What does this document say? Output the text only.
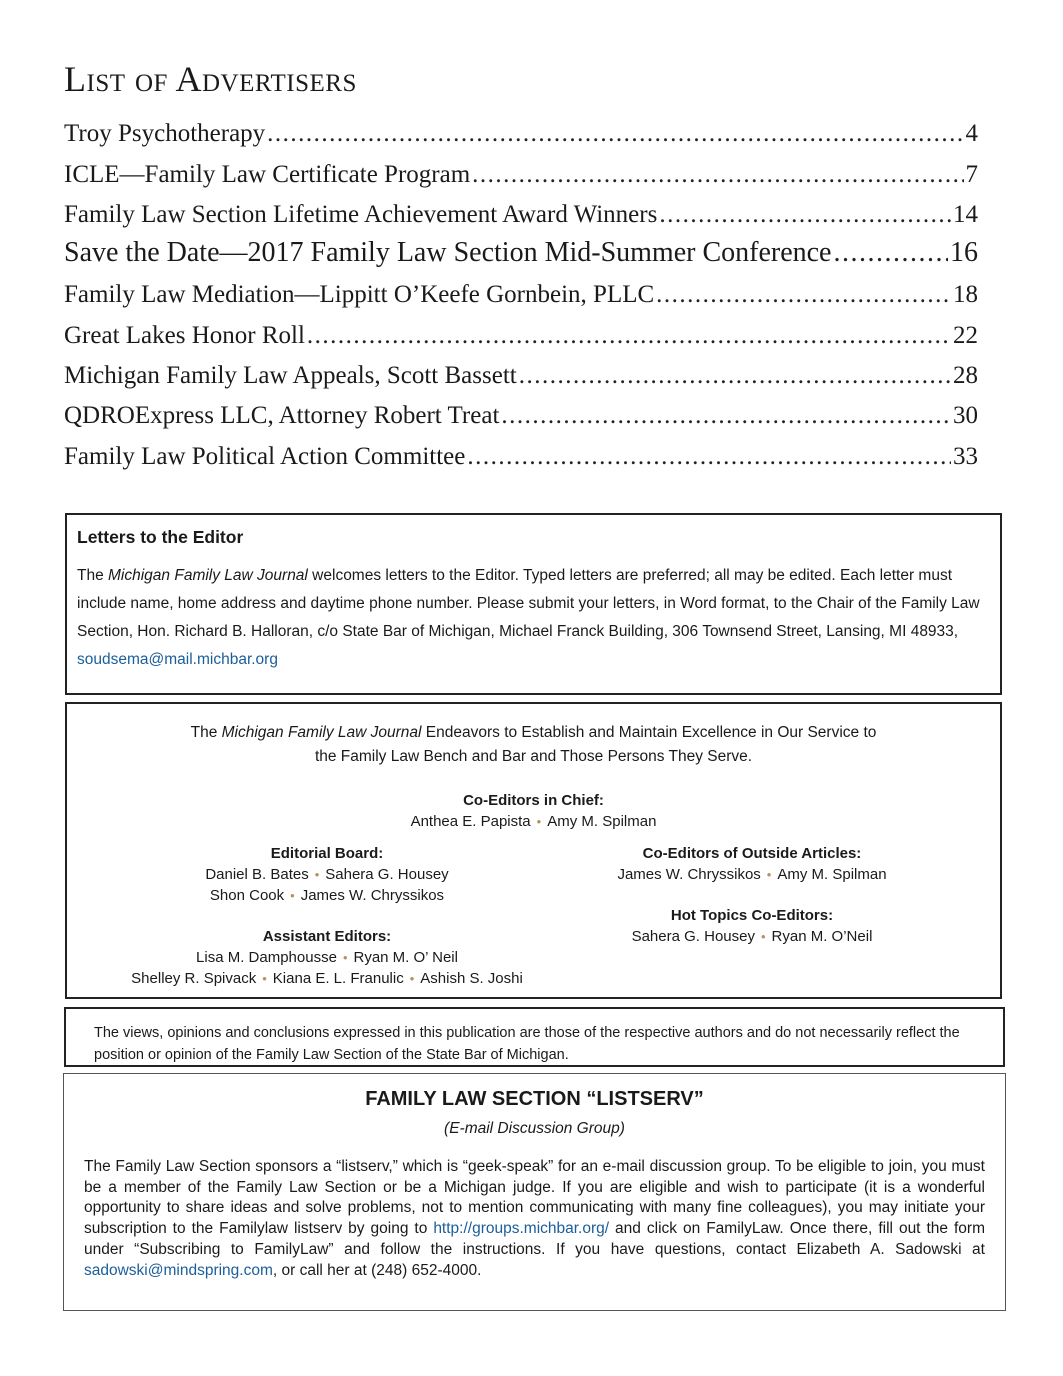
List of Advertisers
Troy Psychotherapy .....	4
ICLE—Family Law Certificate Program .....	7
Family Law Section Lifetime Achievement Award Winners .....	14
Save the Date—2017 Family Law Section Mid-Summer Conference .....	16
Family Law Mediation—Lippitt O’Keefe Gornbein, PLLC .....	18
Great Lakes Honor Roll .....	22
Michigan Family Law Appeals, Scott Bassett .....	28
QDROExpress LLC, Attorney Robert Treat .....	30
Family Law Political Action Committee .....	33
Letters to the Editor

The Michigan Family Law Journal welcomes letters to the Editor. Typed letters are preferred; all may be edited. Each letter must include name, home address and daytime phone number. Please submit your letters, in Word format, to the Chair of the Family Law Section, Hon. Richard B. Halloran, c/o State Bar of Michigan, Michael Franck Building, 306 Townsend Street, Lansing, MI 48933, soudsema@mail.michbar.org

The Michigan Family Law Journal Endeavors to Establish and Maintain Excellence in Our Service to
the Family Law Bench and Bar and Those Persons They Serve.
Co-Editors in Chief:
Anthea E. Papista • Amy M. Spilman
Editorial Board:
Daniel B. Bates • Sahera G. Housey
Shon Cook • James W. Chryssikos
Assistant Editors:
Lisa M. Damphousse • Ryan M. O’ Neil
Shelley R. Spivack • Kiana E. L. Franulic • Ashish S. Joshi
Co-Editors of Outside Articles:
James W. Chryssikos • Amy M. Spilman
Hot Topics Co-Editors:
Sahera G. Housey • Ryan M. O’Neil
The views, opinions and conclusions expressed in this publication are those of the respective authors and do not necessarily reflect the position or opinion of the Family Law Section of the State Bar of Michigan.
FAMILY LAW SECTION “LISTSERV”
(E-mail Discussion Group)
The Family Law Section sponsors a “listserv,” which is “geek-speak” for an e-mail discussion group. To be eligible to join, you must be a member of the Family Law Section or be a Michigan judge. If you are eligible and wish to participate (it is a wonderful opportunity to share ideas and solve problems, not to mention communicating with many fine colleagues), you may initiate your subscription to the Familylaw listserv by going to http://groups.michbar.org/ and click on FamilyLaw. Once there, fill out the form under “Subscribing to FamilyLaw” and follow the instructions. If you have questions, contact Elizabeth A. Sadowski at sadowski@mindspring.com, or call her at (248) 652-4000.
